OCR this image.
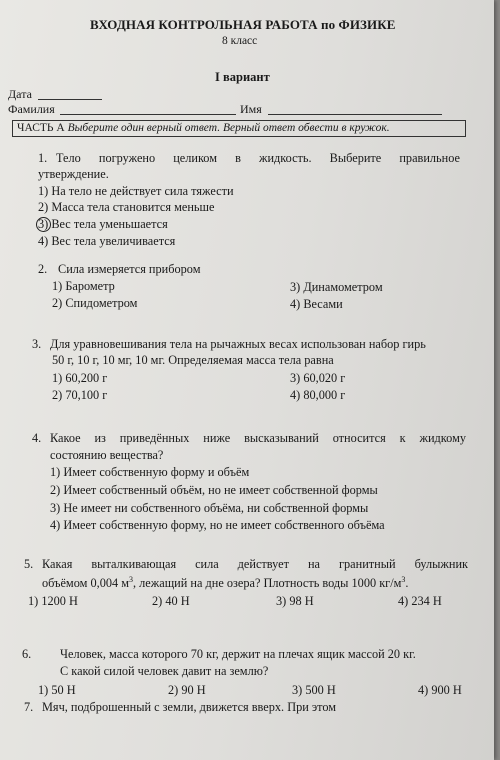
ВХОДНАЯ КОНТРОЛЬНАЯ РАБОТА по ФИЗИКЕ
8 класс
I вариант
Дата
Фамилия	Имя
ЧАСТЬ А Выберите один верный ответ. Верный ответ обвести в кружок.
1. Тело погружено целиком в жидкость. Выберите правильное
утверждение.
1) На тело не действует сила тяжести
2) Масса тела становится меньше
3) Вес тела уменьшается
4) Вес тела увеличивается
2. Сила измеряется прибором
1) Барометр
2) Спидометром
3) Динамометром
4) Весами
3. Для уравновешивания тела на рычажных весах использован набор гирь
50 г, 10 г, 10 мг, 10 мг. Определяемая масса тела равна
1) 60,200 г
2) 70,100 г
3) 60,020 г
4) 80,000 г
4. Какое из приведённых ниже высказываний относится к жидкому
состоянию вещества?
1) Имеет собственную форму и объём
2) Имеет собственный объём, но не имеет собственной формы
3) Не имеет ни собственного объёма, ни собственной формы
4) Имеет собственную форму, но не имеет собственного объёма
5. Какая выталкивающая сила действует на гранитный булыжник
объёмом 0,004 $м^3$, лежащий на дне озера? Плотность воды 1000 $кг/м^3$.
1) 1200 Н	2) 40 Н	3) 98 Н	4) 234 Н
6. Человек, масса которого 70 кг, держит на плечах ящик массой 20 кг.
С какой силой человек давит на землю?
1) 50 Н	2) 90 Н	3) 500 Н	4) 900 Н
7. Мяч, подброшенный с земли, движется вверх. При этом
